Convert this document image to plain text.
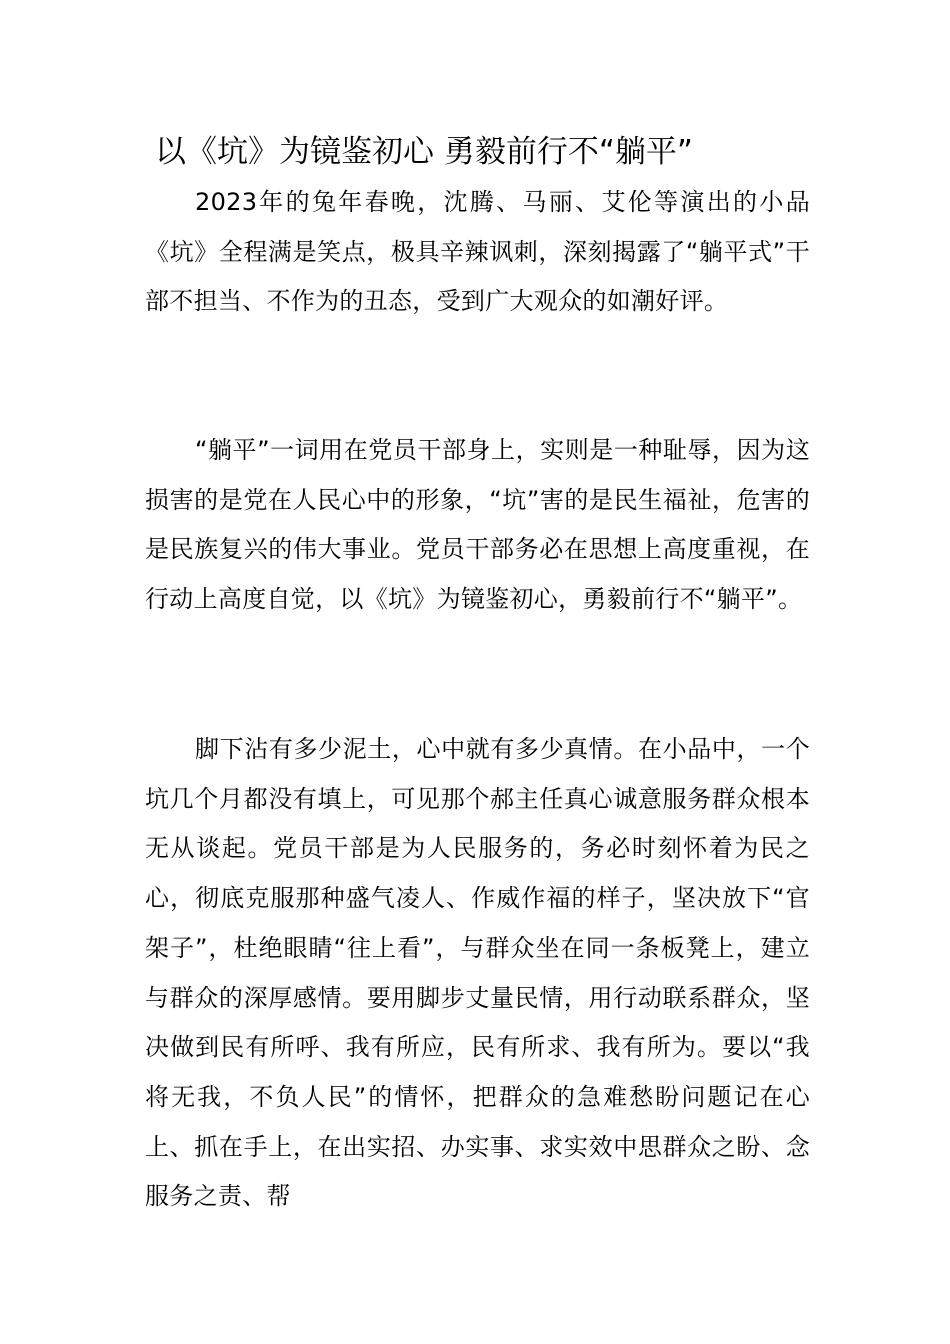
以《坑》为镜鉴初心 勇毅前行不“躺平”

2023年的兔年春晚，沈腾、马丽、艾伦等演出的小品《坑》全程满是笑点，极具辛辣讽刺，深刻揭露了“躺平式”干部不担当、不作为的丑态，受到广大观众的如潮好评。

“躺平”一词用在党员干部身上，实则是一种耻辱，因为这损害的是党在人民心中的形象，“坑”害的是民生福祉，危害的是民族复兴的伟大事业。党员干部务必在思想上高度重视，在行动上高度自觉，以《坑》为镜鉴初心，勇毅前行不“躺平”。

脚下沾有多少泥土，心中就有多少真情。在小品中，一个坑几个月都没有填上，可见那个郝主任真心诚意服务群众根本无从谈起。党员干部是为人民服务的，务必时刻怀着为民之心，彻底克服那种盛气凌人、作威作福的样子，坚决放下“官架子”，杜绝眼睛“往上看”，与群众坐在同一条板凳上，建立与群众的深厚感情。要用脚步丈量民情，用行动联系群众，坚决做到民有所呼、我有所应，民有所求、我有所为。要以“我将无我，不负人民”的情怀，把群众的急难愁盼问题记在心上、抓在手上，在出实招、办实事、求实效中思群众之盼、念服务之责、帮
